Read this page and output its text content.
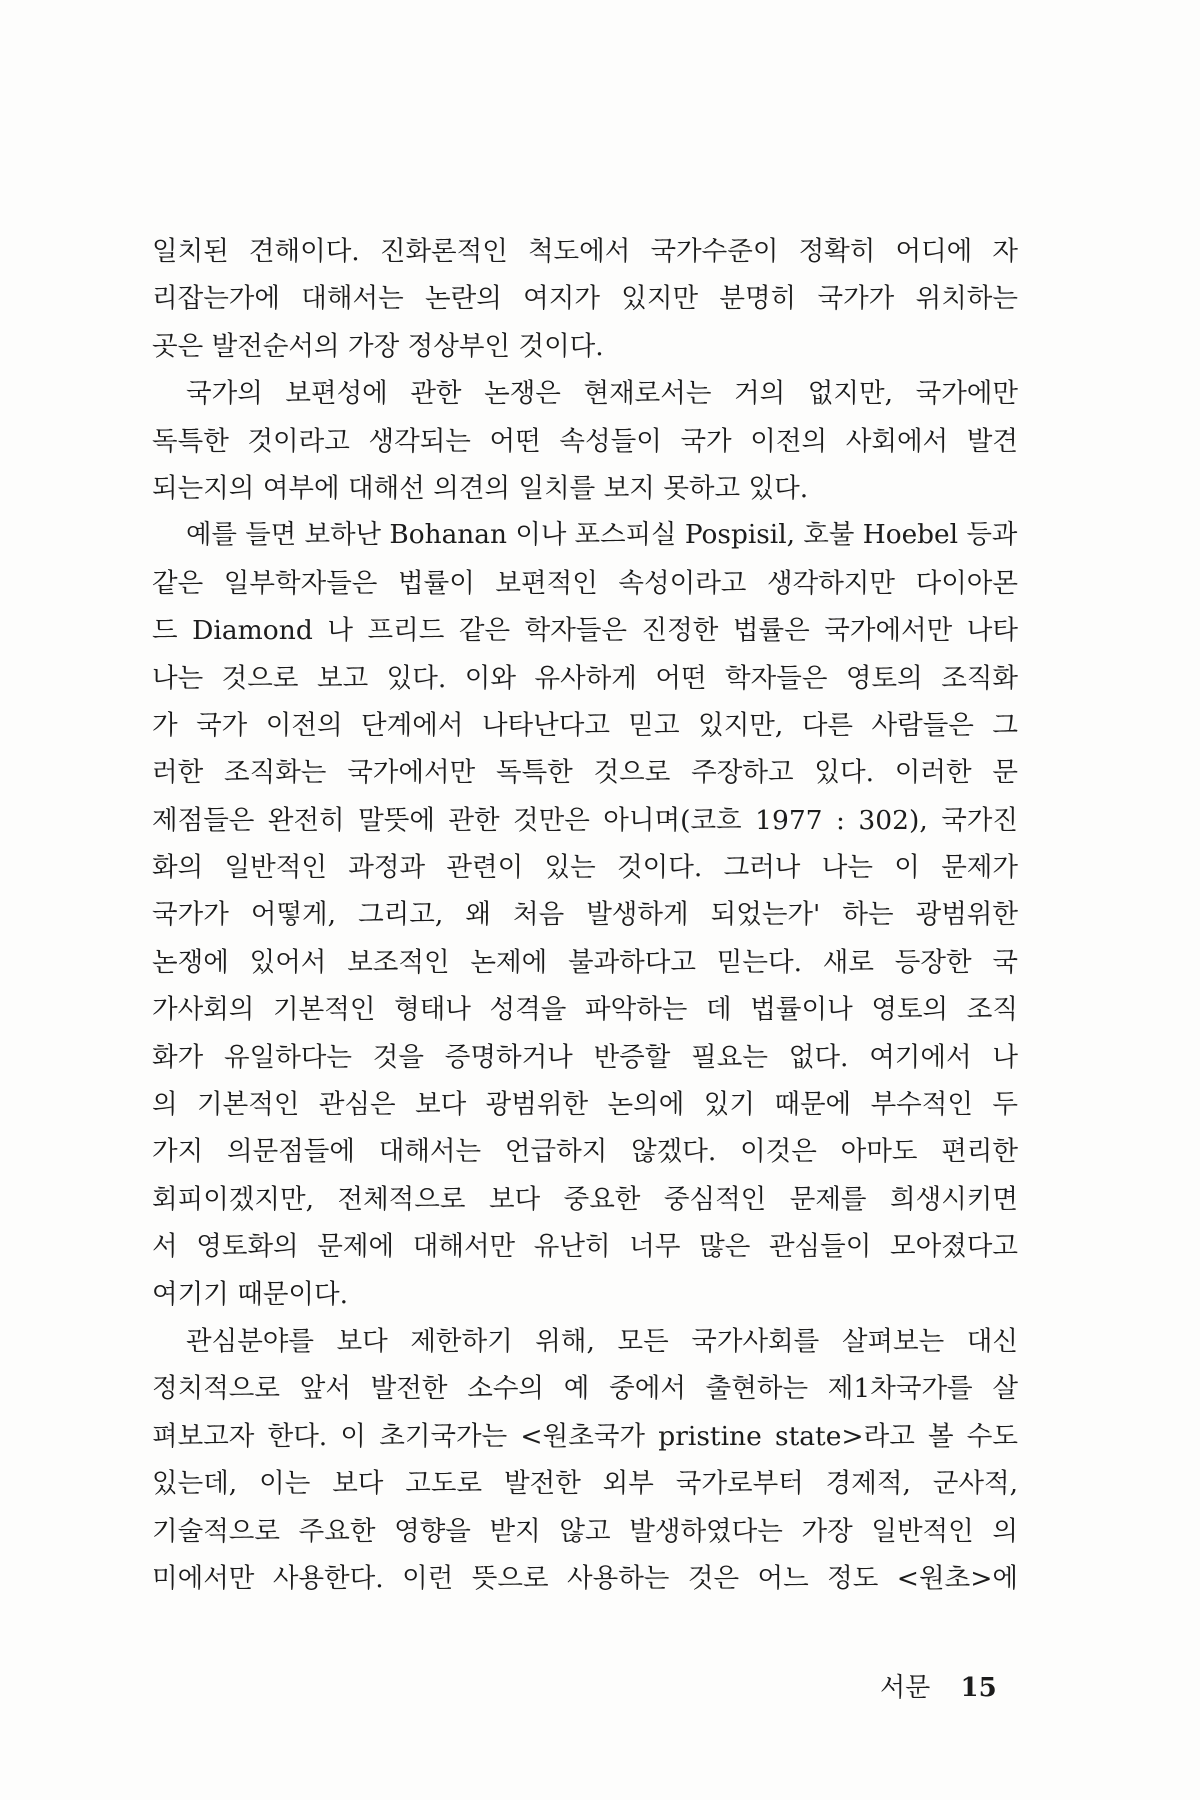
일치된 견해이다. 진화론적인 척도에서 국가수준이 정확히 어디에 자
리잡는가에 대해서는 논란의 여지가 있지만 분명히 국가가 위치하는
곳은 발전순서의 가장 정상부인 것이다.
국가의 보편성에 관한 논쟁은 현재로서는 거의 없지만, 국가에만
독특한 것이라고 생각되는 어떤 속성들이 국가 이전의 사회에서 발견
되는지의 여부에 대해선 의견의 일치를 보지 못하고 있다.
예를 들면 보하난 Bohanan 이나 포스피실 Pospisil, 호불 Hoebel 등과
같은 일부학자들은 법률이 보편적인 속성이라고 생각하지만 다이아몬
드 Diamond 나 프리드 같은 학자들은 진정한 법률은 국가에서만 나타
나는 것으로 보고 있다. 이와 유사하게 어떤 학자들은 영토의 조직화
가 국가 이전의 단계에서 나타난다고 믿고 있지만, 다른 사람들은 그
러한 조직화는 국가에서만 독특한 것으로 주장하고 있다. 이러한 문
제점들은 완전히 말뜻에 관한 것만은 아니며(코흐 1977 : 302), 국가진
화의 일반적인 과정과 관련이 있는 것이다. 그러나 나는 이 문제가
국가가 어떻게, 그리고, 왜 처음 발생하게 되었는가' 하는 광범위한
논쟁에 있어서 보조적인 논제에 불과하다고 믿는다. 새로 등장한 국
가사회의 기본적인 형태나 성격을 파악하는 데 법률이나 영토의 조직
화가 유일하다는 것을 증명하거나 반증할 필요는 없다. 여기에서 나
의 기본적인 관심은 보다 광범위한 논의에 있기 때문에 부수적인 두
가지 의문점들에 대해서는 언급하지 않겠다. 이것은 아마도 편리한
회피이겠지만, 전체적으로 보다 중요한 중심적인 문제를 희생시키면
서 영토화의 문제에 대해서만 유난히 너무 많은 관심들이 모아졌다고
여기기 때문이다.
관심분야를 보다 제한하기 위해, 모든 국가사회를 살펴보는 대신
정치적으로 앞서 발전한 소수의 예 중에서 출현하는 제1차국가를 살
펴보고자 한다. 이 초기국가는 <원초국가 pristine state>라고 볼 수도
있는데, 이는 보다 고도로 발전한 외부 국가로부터 경제적, 군사적,
기술적으로 주요한 영향을 받지 않고 발생하였다는 가장 일반적인 의
미에서만 사용한다. 이런 뜻으로 사용하는 것은 어느 정도 <원초>에
서문 15
